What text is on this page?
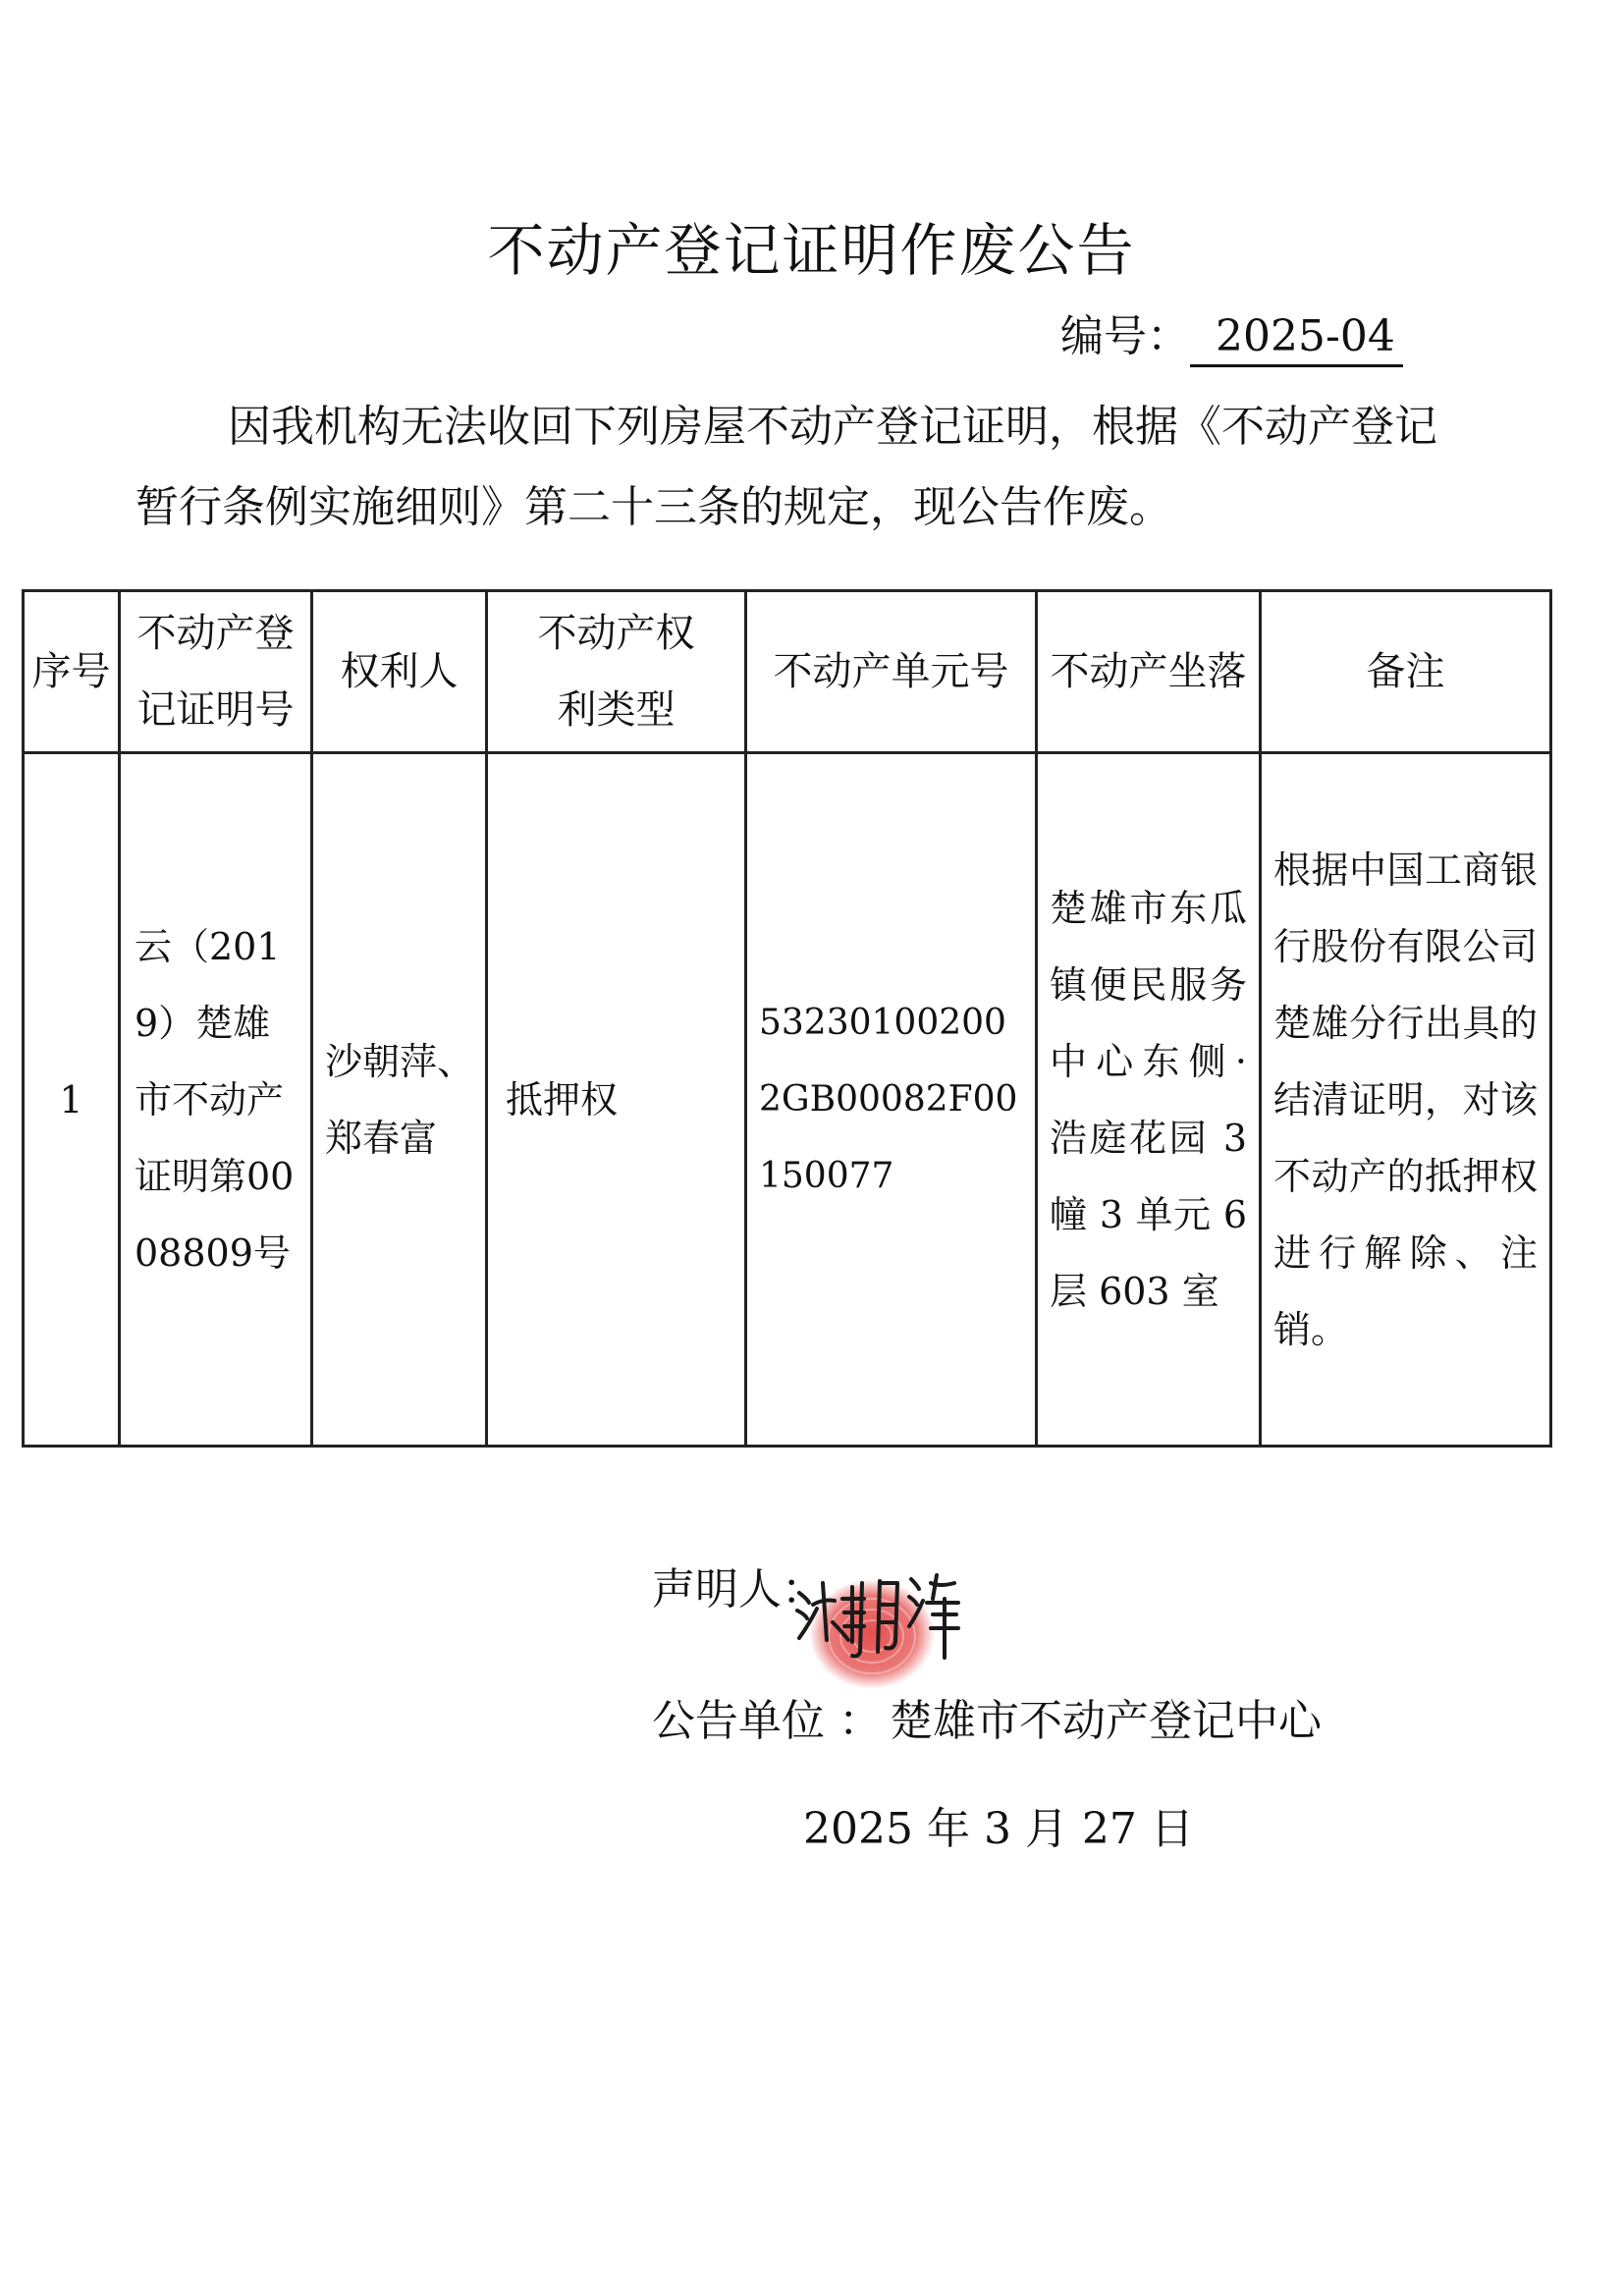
不动产登记证明作废公告
编号： 2025-04
因我机构无法收回下列房屋不动产登记证明，根据《不动产登记
暂行条例实施细则》第二十三条的规定，现公告作废。
序号	不动产登记证明号	权利人	不动产权利类型	不动产单元号	不动产坐落	备注
1	云（2019）楚雄市不动产证明第0008809号	沙朝萍、郑春富	抵押权	532301002002GB00082F00150077	楚雄市东瓜镇便民服务中心东侧·浩庭花园 3 幢 3 单元 6 层 603 室	根据中国工商银行股份有限公司楚雄分行出具的结清证明，对该不动产的抵押权进行解除、注销。
声明人：
公告单位 ： 楚雄市不动产登记中心
2025 年 3 月 27 日
